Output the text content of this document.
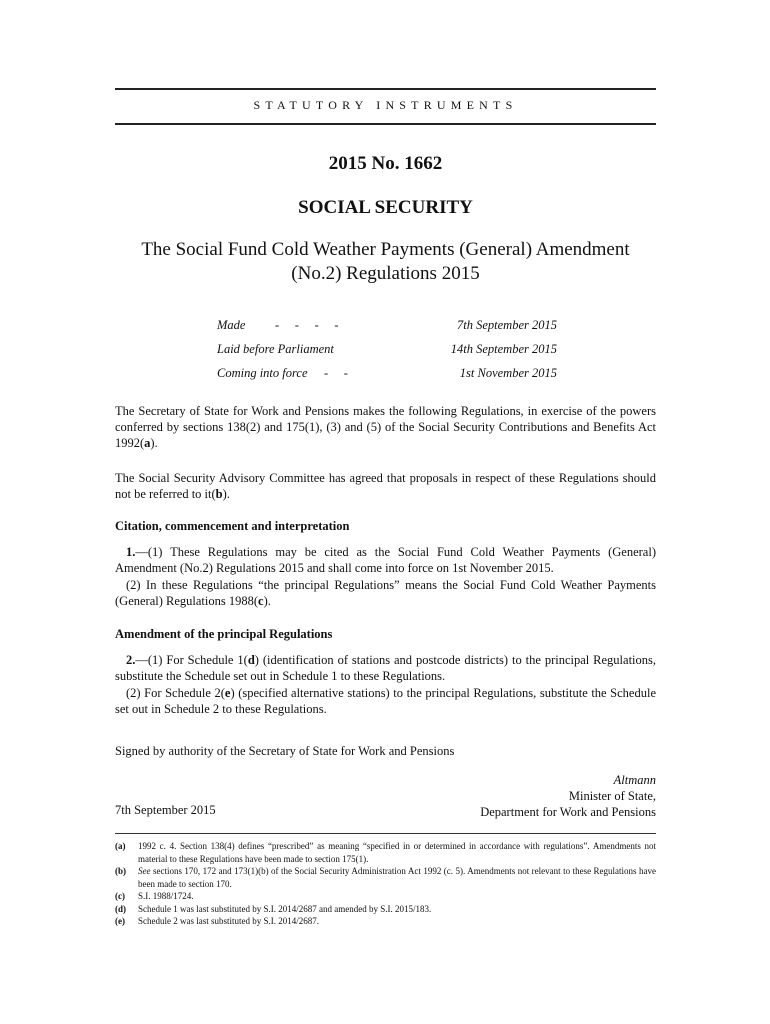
STATUTORY INSTRUMENTS
2015 No. 1662
SOCIAL SECURITY
The Social Fund Cold Weather Payments (General) Amendment
(No.2) Regulations 2015
Made -     -     -     -	7th September 2015
Laid before Parliament	14th September 2015
Coming into force -     -	1st November 2015
The Secretary of State for Work and Pensions makes the following Regulations, in exercise of the powers conferred by sections 138(2) and 175(1), (3) and (5) of the Social Security Contributions and Benefits Act 1992(a).
The Social Security Advisory Committee has agreed that proposals in respect of these Regulations should not be referred to it(b).
Citation, commencement and interpretation
1.—(1) These Regulations may be cited as the Social Fund Cold Weather Payments (General) Amendment (No.2) Regulations 2015 and shall come into force on 1st November 2015.
(2) In these Regulations “the principal Regulations” means the Social Fund Cold Weather Payments (General) Regulations 1988(c).
Amendment of the principal Regulations
2.—(1) For Schedule 1(d) (identification of stations and postcode districts) to the principal Regulations, substitute the Schedule set out in Schedule 1 to these Regulations.
(2) For Schedule 2(e) (specified alternative stations) to the principal Regulations, substitute the Schedule set out in Schedule 2 to these Regulations.
Signed by authority of the Secretary of State for Work and Pensions
Altmann
Minister of State,
Department for Work and Pensions
7th September 2015
(a) 1992 c. 4. Section 138(4) defines “prescribed” as meaning “specified in or determined in accordance with regulations”. Amendments not material to these Regulations have been made to section 175(1).
(b) See sections 170, 172 and 173(1)(b) of the Social Security Administration Act 1992 (c. 5). Amendments not relevant to these Regulations have been made to section 170.
(c) S.I. 1988/1724.
(d) Schedule 1 was last substituted by S.I. 2014/2687 and amended by S.I. 2015/183.
(e) Schedule 2 was last substituted by S.I. 2014/2687.
